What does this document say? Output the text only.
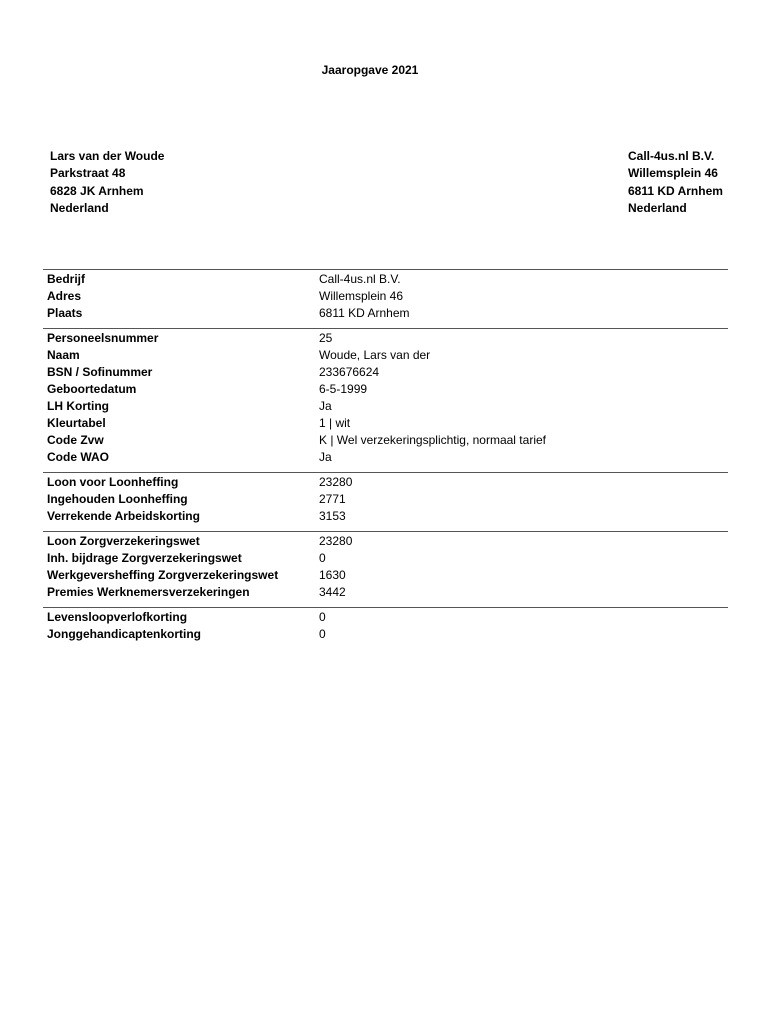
Jaaropgave 2021
Lars van der Woude
Parkstraat 48
6828 JK Arnhem
Nederland
Call-4us.nl B.V.
Willemsplein 46
6811 KD Arnhem
Nederland
Bedrijf	Call-4us.nl B.V.
Adres	Willemsplein 46
Plaats	6811 KD Arnhem
Personeelsnummer	25
Naam	Woude, Lars van der
BSN / Sofinummer	233676624
Geboortedatum	6-5-1999
LH Korting	Ja
Kleurtabel	1 | wit
Code Zvw	K | Wel verzekeringsplichtig, normaal tarief
Code WAO	Ja
Loon voor Loonheffing	23280
Ingehouden Loonheffing	2771
Verrekende Arbeidskorting	3153
Loon Zorgverzekeringswet	23280
Inh. bijdrage Zorgverzekeringswet	0
Werkgeversheffing Zorgverzekeringswet	1630
Premies Werknemersverzekeringen	3442
Levensloopverlofkorting	0
Jonggehandicaptenkorting	0
